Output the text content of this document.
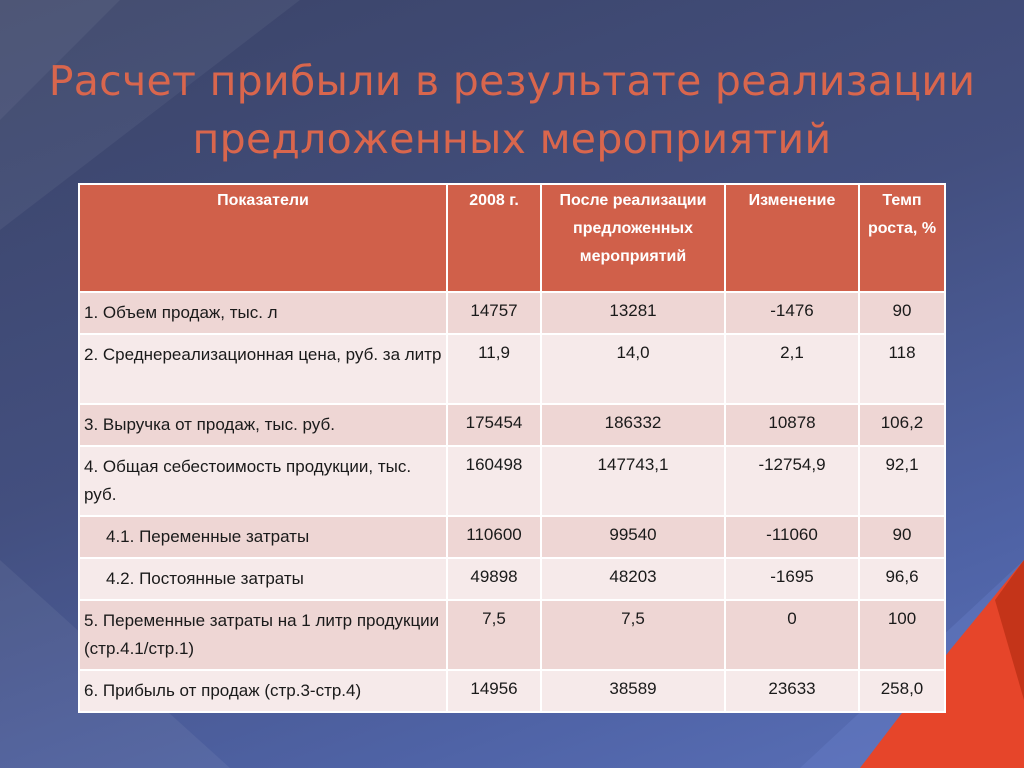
Расчет прибыли в результате реализации
предложенных мероприятий
Показатели	2008 г.	После реализации предложенных мероприятий	Изменение	Темп роста, %
1. Объем продаж, тыс. л	14757	13281	-1476	90
2. Среднереализационная цена, руб. за литр	11,9	14,0	2,1	118
3. Выручка от продаж, тыс. руб.	175454	186332	10878	106,2
4. Общая себестоимость продукции, тыс. руб.	160498	147743,1	-12754,9	92,1
4.1. Переменные затраты	110600	99540	-11060	90
4.2. Постоянные затраты	49898	48203	-1695	96,6
5. Переменные затраты на 1 литр продукции (стр.4.1/стр.1)	7,5	7,5	0	100
6. Прибыль от продаж (стр.3-стр.4)	14956	38589	23633	258,0
